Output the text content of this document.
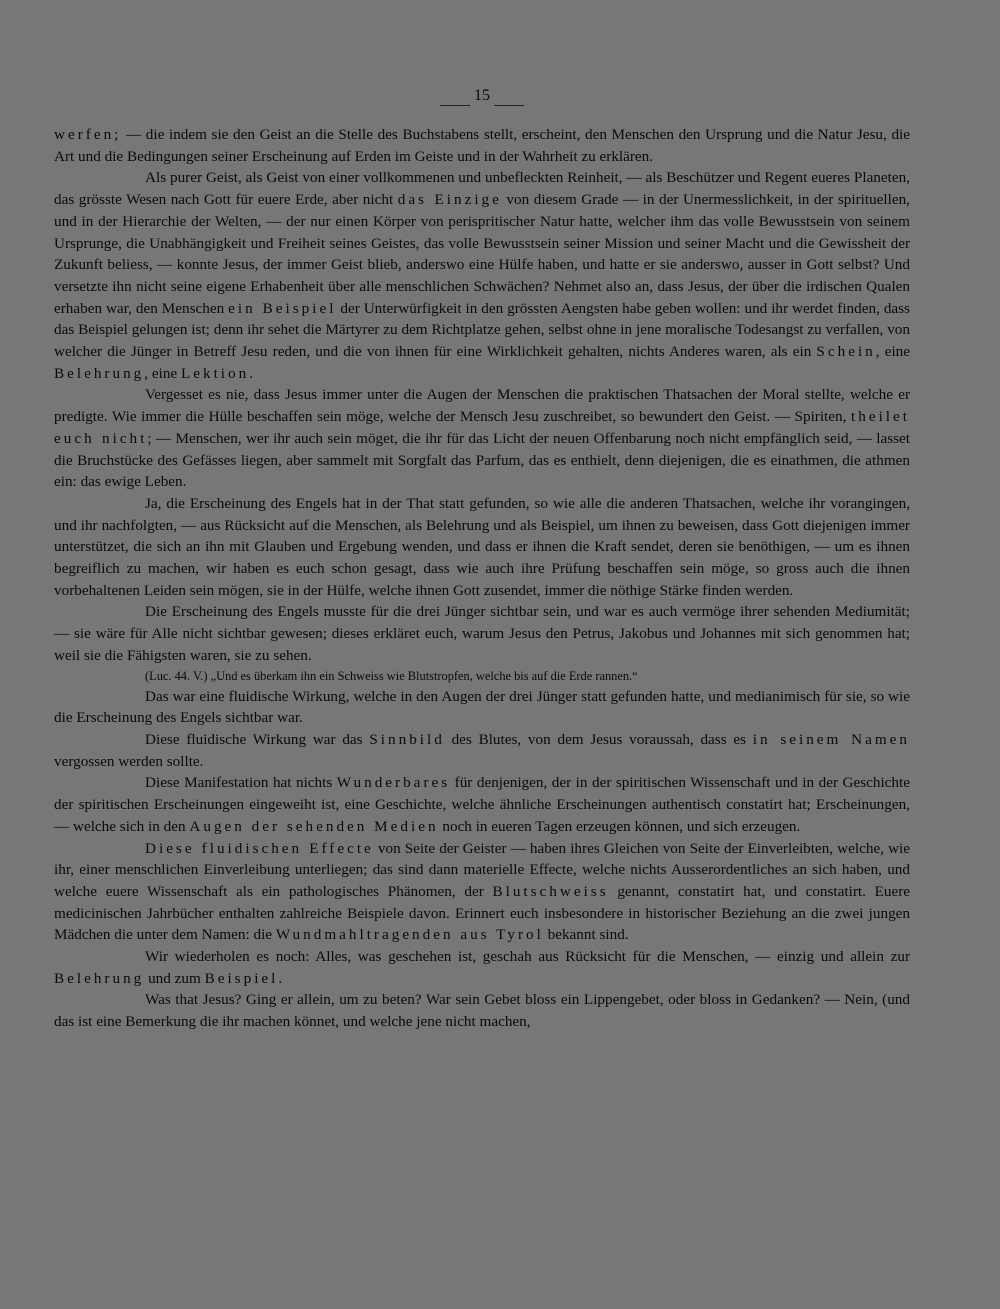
15

werfen; — die indem sie den Geist an die Stelle des Buchstabens stellt, erscheint, den Menschen den Ursprung und die Natur Jesu, die Art und die Bedingungen seiner Erscheinung auf Erden im Geiste und in der Wahrheit zu erklären.

Als purer Geist, als Geist von einer vollkommenen und unbefleckten Reinheit, — als Beschützer und Regent eueres Planeten, das grösste Wesen nach Gott für euere Erde, aber nicht das Einzige von diesem Grade — in der Unermesslichkeit, in der spirituellen, und in der Hierarchie der Welten, — der nur einen Körper von perispritischer Natur hatte, welcher ihm das volle Bewusstsein von seinem Ursprunge, die Unabhängigkeit und Freiheit seines Geistes, das volle Bewusstsein seiner Mission und seiner Macht und die Gewissheit der Zukunft beliess, — konnte Jesus, der immer Geist blieb, anderswo eine Hülfe haben, und hatte er sie anderswo, ausser in Gott selbst? Und versetzte ihn nicht seine eigene Erhabenheit über alle menschlichen Schwächen? Nehmet also an, dass Jesus, der über die irdischen Qualen erhaben war, den Menschen ein Beispiel der Unterwürfigkeit in den grössten Aengsten habe geben wollen: und ihr werdet finden, dass das Beispiel gelungen ist; denn ihr sehet die Märtyrer zu dem Richtplatze gehen, selbst ohne in jene moralische Todesangst zu verfallen, von welcher die Jünger in Betreff Jesu reden, und die von ihnen für eine Wirklichkeit gehalten, nichts Anderes waren, als ein Schein, eine Belehrung, eine Lektion.

Vergesset es nie, dass Jesus immer unter die Augen der Menschen die praktischen Thatsachen der Moral stellte, welche er predigte. Wie immer die Hülle beschaffen sein möge, welche der Mensch Jesu zuschreibet, so bewundert den Geist. — Spiriten, theilet euch nicht; — Menschen, wer ihr auch sein möget, die ihr für das Licht der neuen Offenbarung noch nicht empfänglich seid, — lasset die Bruchstücke des Gefässes liegen, aber sammelt mit Sorgfalt das Parfum, das es enthielt, denn diejenigen, die es einathmen, die athmen ein: das ewige Leben.

Ja, die Erscheinung des Engels hat in der That statt gefunden, so wie alle die anderen Thatsachen, welche ihr vorangingen, und ihr nachfolgten, — aus Rücksicht auf die Menschen, als Belehrung und als Beispiel, um ihnen zu beweisen, dass Gott diejenigen immer unterstützet, die sich an ihn mit Glauben und Ergebung wenden, und dass er ihnen die Kraft sendet, deren sie benöthigen, — um es ihnen begreiflich zu machen, wir haben es euch schon gesagt, dass wie auch ihre Prüfung beschaffen sein möge, so gross auch die ihnen vorbehaltenen Leiden sein mögen, sie in der Hülfe, welche ihnen Gott zusendet, immer die nöthige Stärke finden werden.

Die Erscheinung des Engels musste für die drei Jünger sichtbar sein, und war es auch vermöge ihrer sehenden Mediumität; — sie wäre für Alle nicht sichtbar gewesen; dieses erkläret euch, warum Jesus den Petrus, Jakobus und Johannes mit sich genommen hat; weil sie die Fähigsten waren, sie zu sehen.

(Luc. 44. V.) „Und es überkam ihn ein Schweiss wie Blutstropfen, welche bis auf die Erde rannen.“

Das war eine fluidische Wirkung, welche in den Augen der drei Jünger statt gefunden hatte, und medianimisch für sie, so wie die Erscheinung des Engels sichtbar war.

Diese fluidische Wirkung war das Sinnbild des Blutes, von dem Jesus voraussah, dass es in seinem Namen vergossen werden sollte.

Diese Manifestation hat nichts Wunderbares für denjenigen, der in der spiritischen Wissenschaft und in der Geschichte der spiritischen Erscheinungen eingeweiht ist, eine Geschichte, welche ähnliche Erscheinungen authentisch constatirt hat; Erscheinungen, — welche sich in den Augen der sehenden Medien noch in eueren Tagen erzeugen können, und sich erzeugen.

Diese fluidischen Effecte von Seite der Geister — haben ihres Gleichen von Seite der Einverleibten, welche, wie ihr, einer menschlichen Einverleibung unterliegen; das sind dann materielle Effecte, welche nichts Ausserordentliches an sich haben, und welche euere Wissenschaft als ein pathologisches Phänomen, der Blutschweiss genannt, constatirt hat, und constatirt. Euere medicinischen Jahrbücher enthalten zahlreiche Beispiele davon. Erinnert euch insbesondere in historischer Beziehung an die zwei jungen Mädchen die unter dem Namen: die Wundmahltragenden aus Tyrol bekannt sind.

Wir wiederholen es noch: Alles, was geschehen ist, geschah aus Rücksicht für die Menschen, — einzig und allein zur Belehrung und zum Beispiel.

Was that Jesus? Ging er allein, um zu beten? War sein Gebet bloss ein Lippengebet, oder bloss in Gedanken? — Nein, (und das ist eine Bemerkung die ihr machen könnet, und welche jene nicht machen,
